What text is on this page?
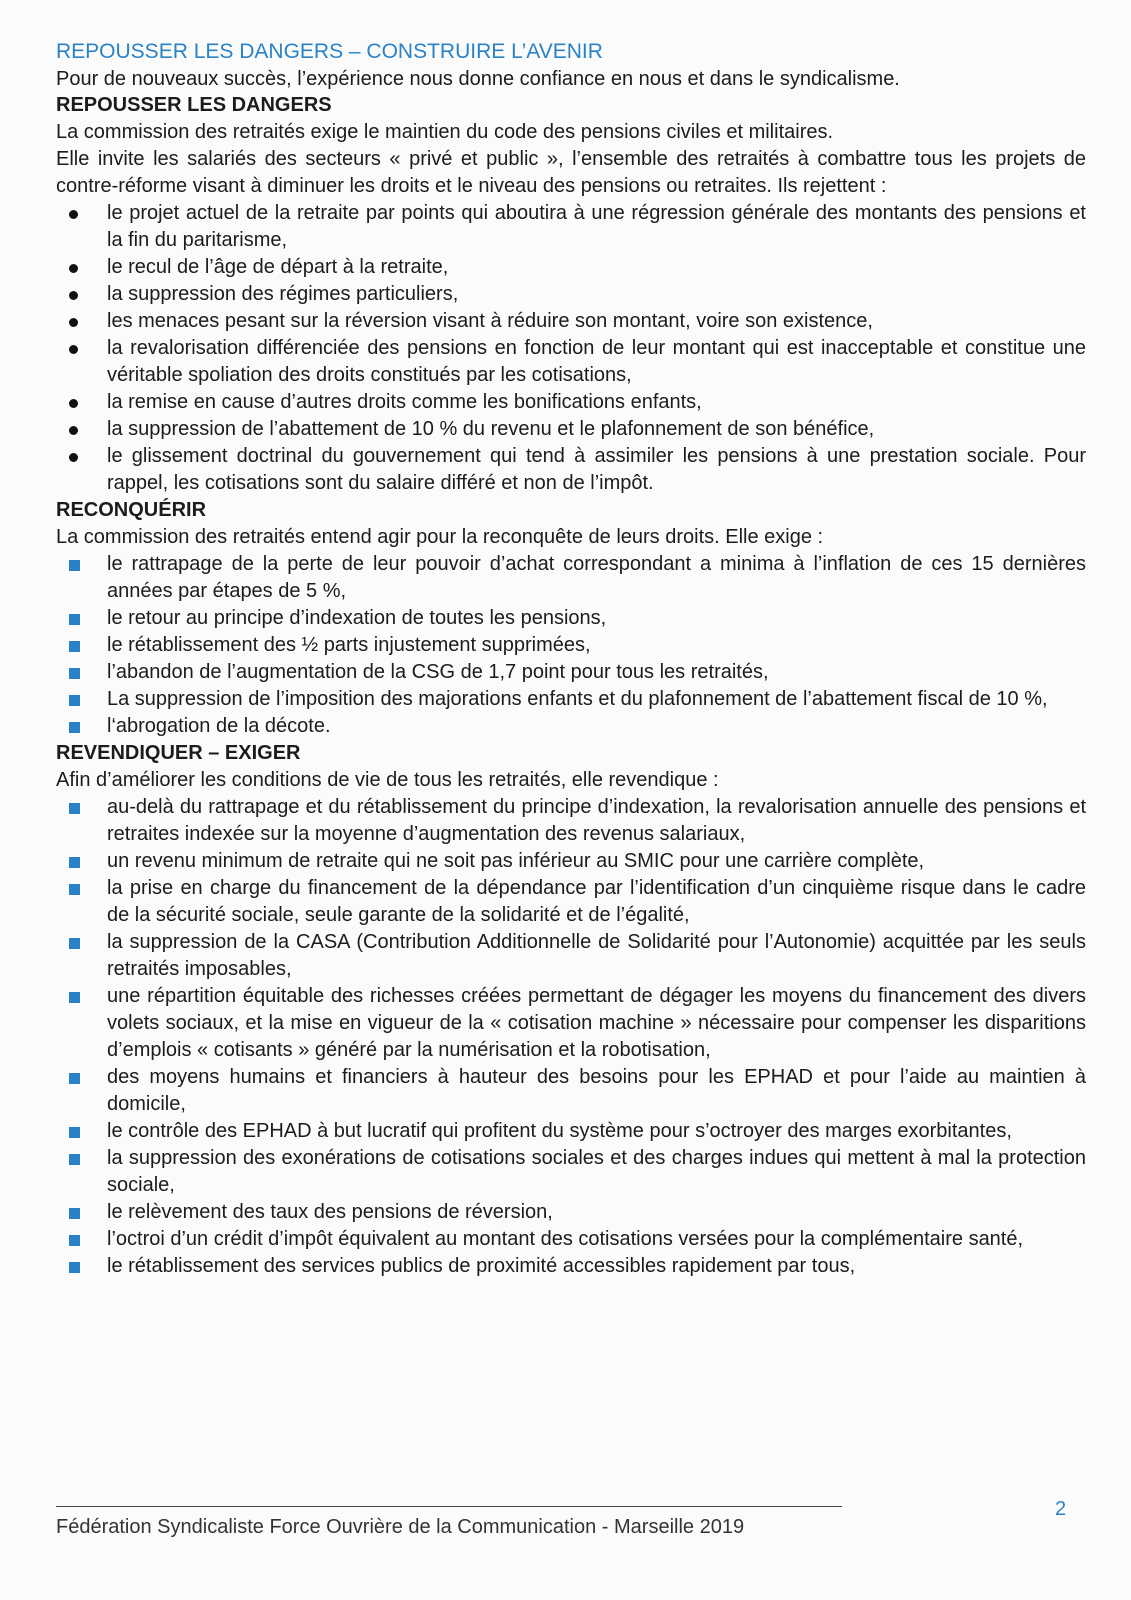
REPOUSSER LES DANGERS – CONSTRUIRE L’AVENIR

Pour de nouveaux succès, l’expérience nous donne confiance en nous et dans le syndicalisme.

REPOUSSER LES DANGERS

La commission des retraités exige le maintien du code des pensions civiles et militaires.

Elle invite les salariés des secteurs « privé et public », l’ensemble des retraités à combattre tous les projets de contre-réforme visant à diminuer les droits et le niveau des pensions ou retraites. Ils rejettent :

le projet actuel de la retraite par points qui aboutira à une régression générale des montants des pensions et la fin du paritarisme,
le recul de l’âge de départ à la retraite,
la suppression des régimes particuliers,
les menaces pesant sur la réversion visant à réduire son montant, voire son existence,
la revalorisation différenciée des pensions en fonction de leur montant qui est inacceptable et constitue une véritable spoliation des droits constitués par les cotisations,
la remise en cause d’autres droits comme les bonifications enfants,
la suppression de l’abattement de 10 % du revenu et le plafonnement de son bénéfice,
le glissement doctrinal du gouvernement qui tend à assimiler les pensions à une prestation sociale. Pour rappel, les cotisations sont du salaire différé et non de l’impôt.
RECONQUÉRIR

La commission des retraités entend agir pour la reconquête de leurs droits. Elle exige :

le rattrapage de la perte de leur pouvoir d’achat correspondant a minima à l’inflation de ces 15 dernières années par étapes de 5 %,
le retour au principe d’indexation de toutes les pensions,
le rétablissement des ½ parts injustement supprimées,
l’abandon de l’augmentation de la CSG de 1,7 point pour tous les retraités,
La suppression de l’imposition des majorations enfants et du plafonnement de l’abattement fiscal de 10 %,
l‘abrogation de la décote.
REVENDIQUER – EXIGER

Afin d’améliorer les conditions de vie de tous les retraités, elle revendique :

au-delà du rattrapage et du rétablissement du principe d’indexation, la revalorisation annuelle des pensions et retraites indexée sur la moyenne d’augmentation des revenus salariaux,
un revenu minimum de retraite qui ne soit pas inférieur au SMIC pour une carrière complète,
la prise en charge du financement de la dépendance par l’identification d’un cinquième risque dans le cadre de la sécurité sociale, seule garante de la solidarité et de l’égalité,
la suppression de la CASA (Contribution Additionnelle de Solidarité pour l’Autonomie) acquittée par les seuls retraités imposables,
une répartition équitable des richesses créées permettant de dégager les moyens du financement des divers volets sociaux, et la mise en vigueur de la « cotisation machine » nécessaire pour compenser les disparitions d’emplois « cotisants » généré par la numérisation et la robotisation,
des moyens humains et financiers à hauteur des besoins pour les EPHAD et pour l’aide au maintien à domicile,
le contrôle des EPHAD à but lucratif qui profitent du système pour s’octroyer des marges exorbitantes,
la suppression des exonérations de cotisations sociales et des charges indues qui mettent à mal la protection sociale,
le relèvement des taux des pensions de réversion,
l’octroi d’un crédit d’impôt équivalent au montant des cotisations versées pour la complémentaire santé,
le rétablissement des services publics de proximité accessibles rapidement par tous,
Fédération Syndicaliste Force Ouvrière de la Communication - Marseille 2019
2
